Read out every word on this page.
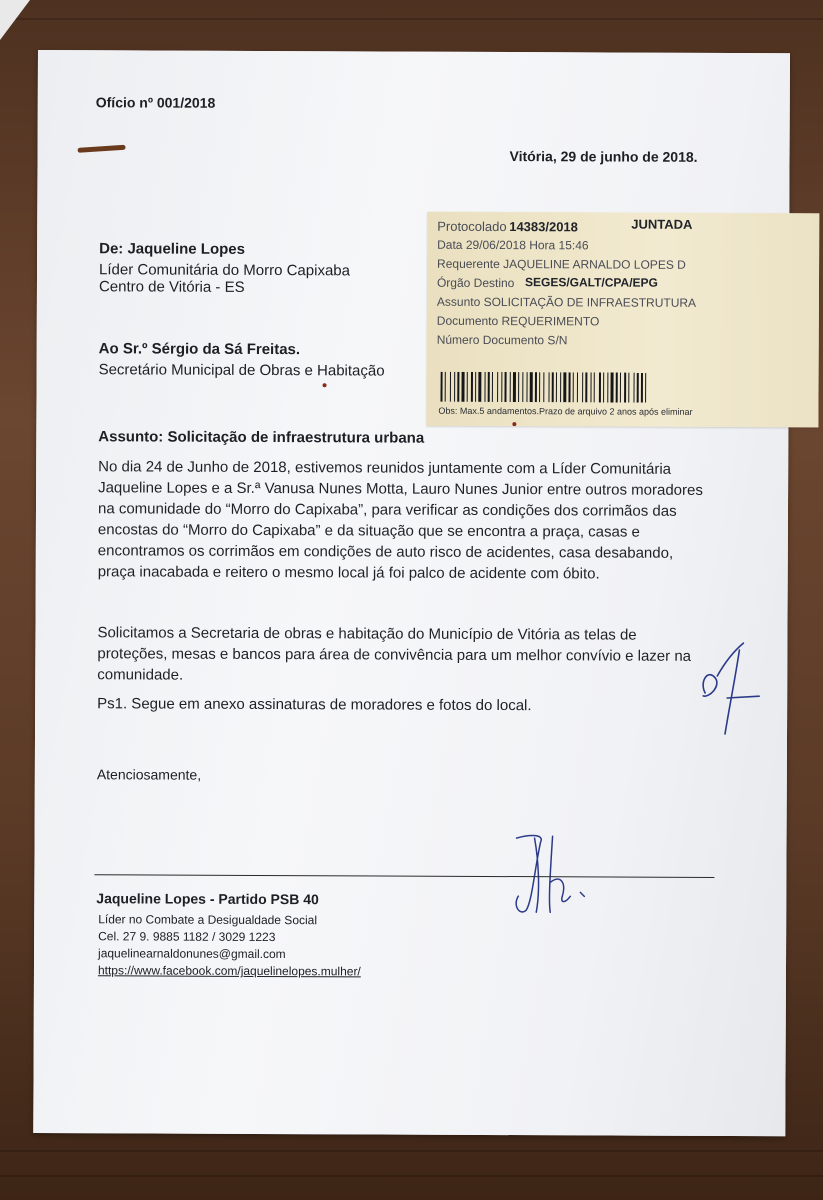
Ofício nº 001/2018
Vitória, 29 de junho de 2018.
De: Jaqueline Lopes
Líder Comunitária do Morro Capixaba
Centro de Vitória - ES
Ao Sr.º Sérgio da Sá Freitas.
Secretário Municipal de Obras e Habitação
Protocolado 14383/2018	JUNTADA
Data 29/06/2018 Hora 15:46
Requerente JAQUELINE ARNALDO LOPES D
Órgão Destino SEGES/GALT/CPA/EPG
Assunto SOLICITAÇÃO DE INFRAESTRUTURA
Documento REQUERIMENTO
Número Documento S/N
Obs: Max.5 andamentos.Prazo de arquivo 2 anos após eliminar
Assunto: Solicitação de infraestrutura urbana
No dia 24 de Junho de 2018, estivemos reunidos juntamente com a Líder Comunitária
Jaqueline Lopes e a Sr.ª Vanusa Nunes Motta, Lauro Nunes Junior entre outros moradores
na comunidade do “Morro do Capixaba”, para verificar as condições dos corrimãos das
encostas do “Morro do Capixaba” e da situação que se encontra a praça, casas e
encontramos os corrimãos em condições de auto risco de acidentes, casa desabando,
praça inacabada e reitero o mesmo local já foi palco de acidente com óbito.
Solicitamos a Secretaria de obras e habitação do Município de Vitória as telas de
proteções, mesas e bancos para área de convivência para um melhor convívio e lazer na
comunidade.
Ps1. Segue em anexo assinaturas de moradores e fotos do local.
Atenciosamente,
Jaqueline Lopes - Partido PSB 40
Líder no Combate a Desigualdade Social
Cel. 27 9. 9885 1182 / 3029 1223
jaquelinearnaldonunes@gmail.com
https://www.facebook.com/jaquelinelopes.mulher/
